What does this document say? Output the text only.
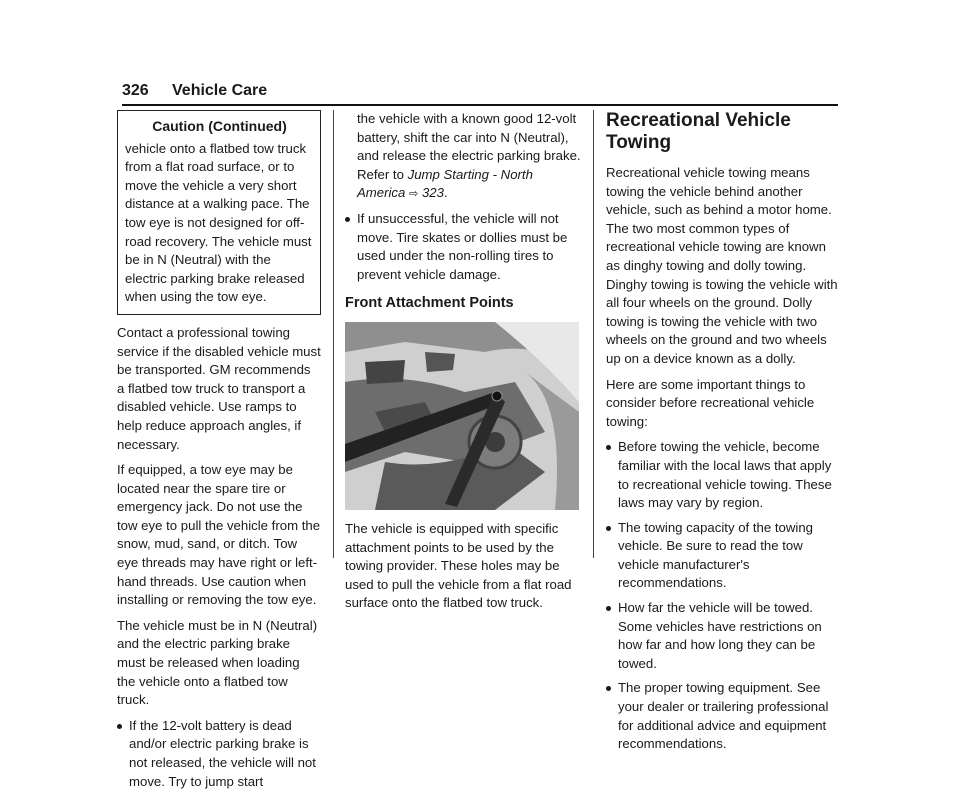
326 Vehicle Care
Caution (Continued)
vehicle onto a flatbed tow truck from a flat road surface, or to move the vehicle a very short distance at a walking pace. The tow eye is not designed for off-road recovery. The vehicle must be in N (Neutral) with the electric parking brake released when using the tow eye.

Contact a professional towing service if the disabled vehicle must be transported. GM recommends a flatbed tow truck to transport a disabled vehicle. Use ramps to help reduce approach angles, if necessary.

If equipped, a tow eye may be located near the spare tire or emergency jack. Do not use the tow eye to pull the vehicle from the snow, mud, sand, or ditch. Tow eye threads may have right or left-hand threads. Use caution when installing or removing the tow eye.

The vehicle must be in N (Neutral) and the electric parking brake must be released when loading the vehicle onto a flatbed tow truck.

If the 12-volt battery is dead and/or electric parking brake is not released, the vehicle will not move. Try to jump start
the vehicle with a known good 12-volt battery, shift the car into N (Neutral), and release the electric parking brake. Refer to Jump Starting - North America ⇨ 323.
If unsuccessful, the vehicle will not move. Tire skates or dollies must be used under the non-rolling tires to prevent vehicle damage.
Front Attachment Points

The vehicle is equipped with specific attachment points to be used by the towing provider. These holes may be used to pull the vehicle from a flat road surface onto the flatbed tow truck.

Recreational Vehicle Towing

Recreational vehicle towing means towing the vehicle behind another vehicle, such as behind a motor home. The two most common types of recreational vehicle towing are known as dinghy towing and dolly towing. Dinghy towing is towing the vehicle with all four wheels on the ground. Dolly towing is towing the vehicle with two wheels on the ground and two wheels up on a device known as a dolly.

Here are some important things to consider before recreational vehicle towing:

Before towing the vehicle, become familiar with the local laws that apply to recreational vehicle towing. These laws may vary by region.
The towing capacity of the towing vehicle. Be sure to read the tow vehicle manufacturer's recommendations.
How far the vehicle will be towed. Some vehicles have restrictions on how far and how long they can be towed.
The proper towing equipment. See your dealer or trailering professional for additional advice and equipment recommendations.
